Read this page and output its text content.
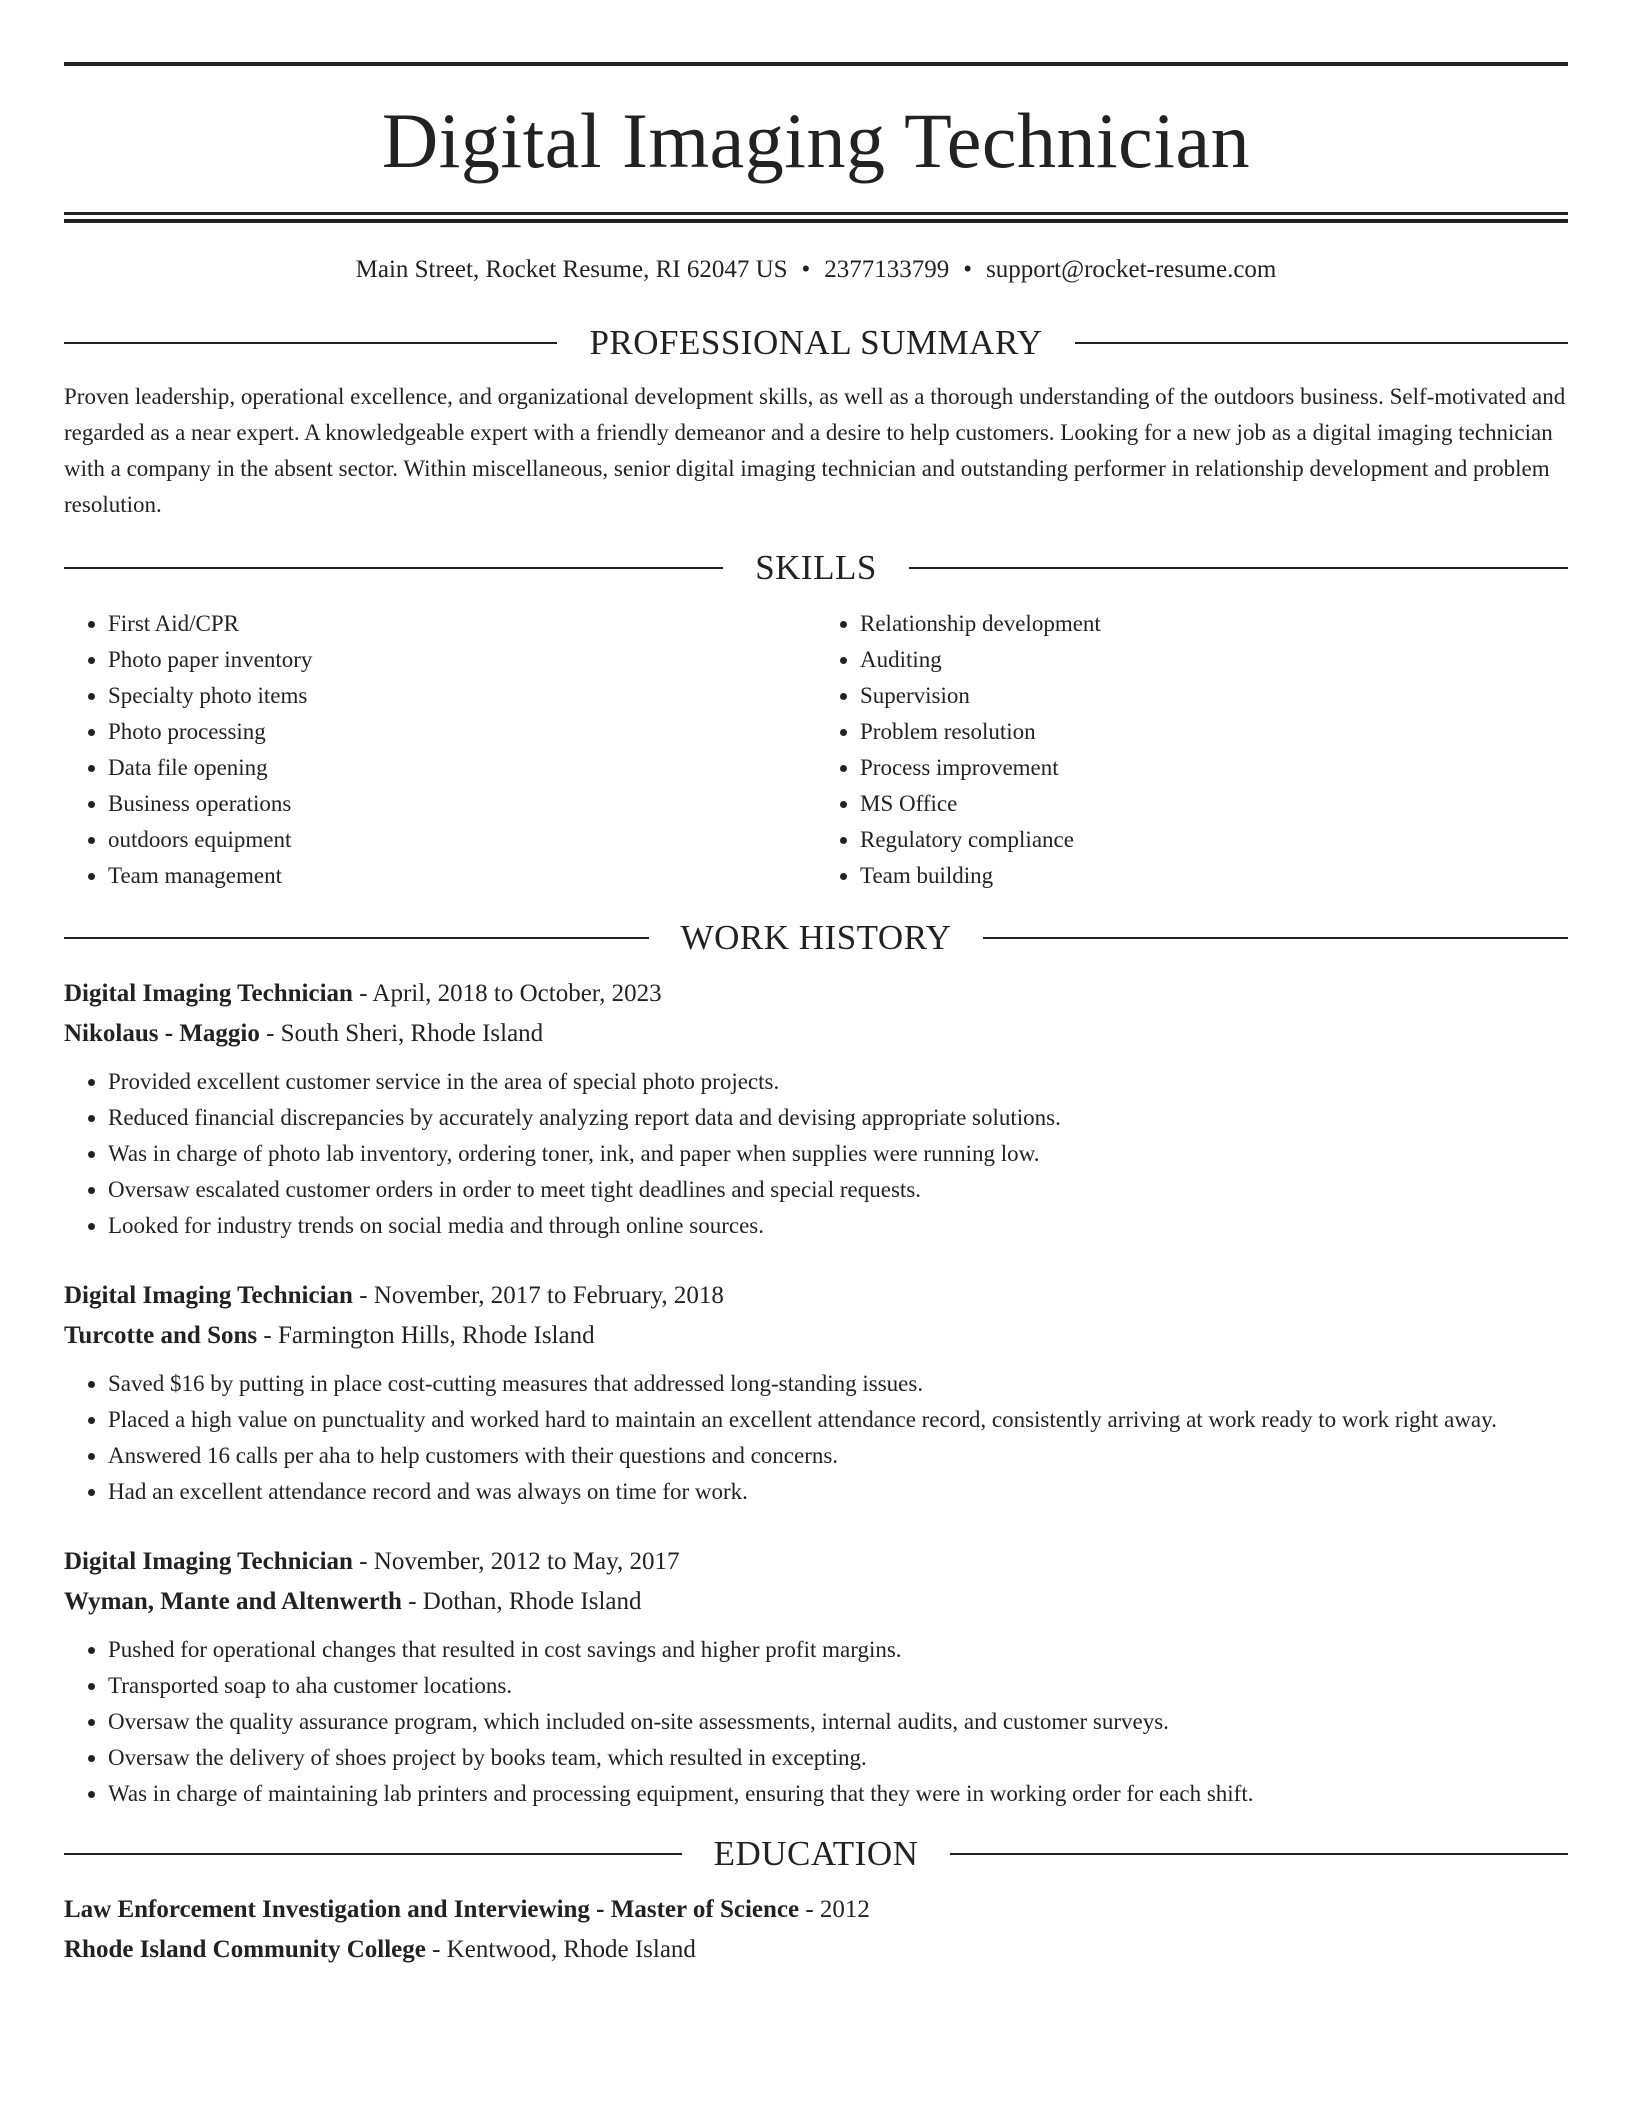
Digital Imaging Technician
Main Street, Rocket Resume, RI 62047 US • 2377133799 • support@rocket-resume.com
PROFESSIONAL SUMMARY

Proven leadership, operational excellence, and organizational development skills, as well as a thorough understanding of the outdoors business. Self-motivated and regarded as a near expert. A knowledgeable expert with a friendly demeanor and a desire to help customers. Looking for a new job as a digital imaging technician with a company in the absent sector. Within miscellaneous, senior digital imaging technician and outstanding performer in relationship development and problem resolution.

SKILLS
• First Aid/CPR
• Photo paper inventory
• Specialty photo items
• Photo processing
• Data file opening
• Business operations
• outdoors equipment
• Team management
• Relationship development
• Auditing
• Supervision
• Problem resolution
• Process improvement
• MS Office
• Regulatory compliance
• Team building
WORK HISTORY
Digital Imaging Technician - April, 2018 to October, 2023
Nikolaus - Maggio - South Sheri, Rhode Island
• Provided excellent customer service in the area of special photo projects.
• Reduced financial discrepancies by accurately analyzing report data and devising appropriate solutions.
• Was in charge of photo lab inventory, ordering toner, ink, and paper when supplies were running low.
• Oversaw escalated customer orders in order to meet tight deadlines and special requests.
• Looked for industry trends on social media and through online sources.
Digital Imaging Technician - November, 2017 to February, 2018
Turcotte and Sons - Farmington Hills, Rhode Island
• Saved $16 by putting in place cost-cutting measures that addressed long-standing issues.
• Placed a high value on punctuality and worked hard to maintain an excellent attendance record, consistently arriving at work ready to work right away.
• Answered 16 calls per aha to help customers with their questions and concerns.
• Had an excellent attendance record and was always on time for work.
Digital Imaging Technician - November, 2012 to May, 2017
Wyman, Mante and Altenwerth - Dothan, Rhode Island
• Pushed for operational changes that resulted in cost savings and higher profit margins.
• Transported soap to aha customer locations.
• Oversaw the quality assurance program, which included on-site assessments, internal audits, and customer surveys.
• Oversaw the delivery of shoes project by books team, which resulted in excepting.
• Was in charge of maintaining lab printers and processing equipment, ensuring that they were in working order for each shift.
EDUCATION
Law Enforcement Investigation and Interviewing - Master of Science - 2012
Rhode Island Community College - Kentwood, Rhode Island
